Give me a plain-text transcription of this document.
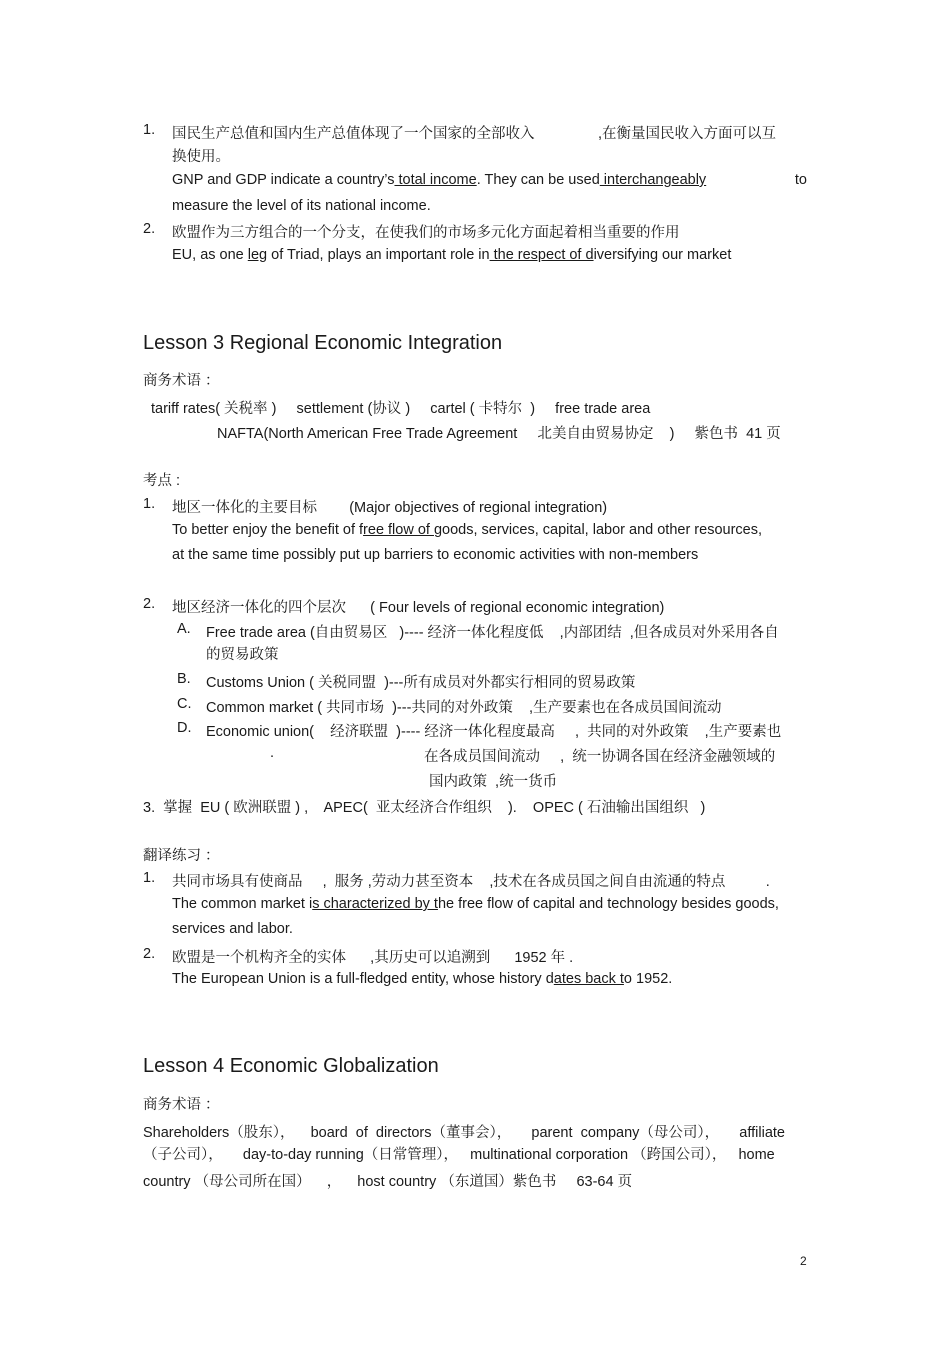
1. 国民生产总值和国内生产总值体现了一个国家的全部收入	,在衡量国民收入方面可以互
换使用。
GNP and GDP indicate a country’s total income. They can be used interchangeably	to
measure the level of its national income.
2. 欧盟作为三方组合的一个分支，在使我们的市场多元化方面起着相当重要的作用
EU, as one leg of Triad, plays an important role in the respect of diversifying our market
Lesson 3 Regional Economic Integration
商务术语 ：
tariff rates( 关税率 )     settlement (协议 )     cartel ( 卡特尔  )     free trade area
NAFTA(North American Free Trade Agreement     北美自由贸易协定    )     紫色书  41 页
考点 :
1. 地区一体化的主要目标        (Major objectives of regional integration)
To better enjoy the benefit of free flow of goods, services, capital, labor and other resources,
at the same time possibly put up barriers to economic activities with non-members
2. 地区经济一体化的四个层次      ( Four levels of regional economic integration)
A. Free trade area (自由贸易区   )---- 经济一体化程度低    ,内部团结  ,但各成员对外采用各自
的贸易政策
B. Customs Union ( 关税同盟  )---所有成员对外都实行相同的贸易政策
C. Common market ( 共同市场  )---共同的对外政策    ,生产要素也在各成员国间流动
D. Economic union(    经济联盟  )---- 经济一体化程度最高     ,  共同的对外政策    ,生产要素也
.	在各成员国间流动     ,  统一协调各国在经济金融领域的
国内政策  ,统一货币
3.  掌握  EU ( 欧洲联盟 ) ,    APEC(  亚太经济合作组织    ).    OPEC ( 石油输出国组织   )
翻译练习 ：
1. 共同市场具有使商品     ,  服务 ,劳动力甚至资本    ,技术在各成员国之间自由流通的特点          .
The common market is characterized by the free flow of capital and technology besides goods,
services and labor.
2. 欧盟是一个机构齐全的实体      ,其历史可以追溯到      1952 年 .
The European Union is a full-fledged entity, whose history dates back to 1952.
Lesson 4 Economic Globalization
商务术语 ：
Shareholders（股东），    board  of  directors（董事会），     parent  company（母公司），     affiliate
（子公司），     day-to-day running（日常管理），   multinational corporation （跨国公司），   home
country （母公司所在国）    ，    host country （东道国）紫色书     63-64 页
2
